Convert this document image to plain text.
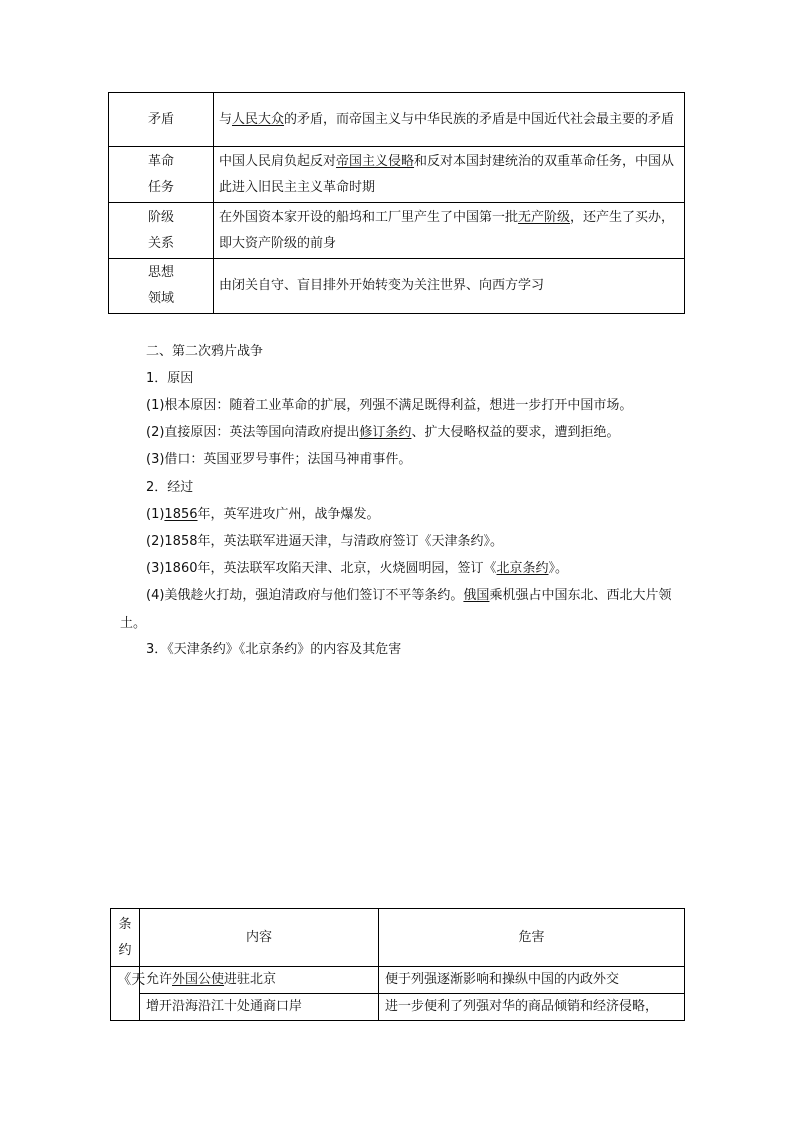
矛盾	与人民大众的矛盾，而帝国主义与中华民族的矛盾是中国近代社会最主要的矛盾
革命任务	中国人民肩负起反对帝国主义侵略和反对本国封建统治的双重革命任务，中国从此进入旧民主主义革命时期
阶级关系	在外国资本家开设的船坞和工厂里产生了中国第一批无产阶级，还产生了买办，即大资产阶级的前身
思想领域	由闭关自守、盲目排外开始转变为关注世界、向西方学习
二、第二次鸦片战争
1．原因
(1)根本原因：随着工业革命的扩展，列强不满足既得利益，想进一步打开中国市场。
(2)直接原因：英法等国向清政府提出修订条约、扩大侵略权益的要求，遭到拒绝。
(3)借口：英国亚罗号事件；法国马神甫事件。
2．经过
(1)1856年，英军进攻广州，战争爆发。
(2)1858年，英法联军进逼天津，与清政府签订《天津条约》。
(3)1860年，英法联军攻陷天津、北京，火烧圆明园，签订《北京条约》。
(4)美俄趁火打劫，强迫清政府与他们签订不平等条约。俄国乘机强占中国东北、西北大片领土。
3．《天津条约》《北京条约》的内容及其危害
条约	内容	危害
《天	允许外国公使进驻北京	便于列强逐渐影响和操纵中国的内政外交
	增开沿海沿江十处通商口岸	进一步便利了列强对华的商品倾销和经济侵略，
